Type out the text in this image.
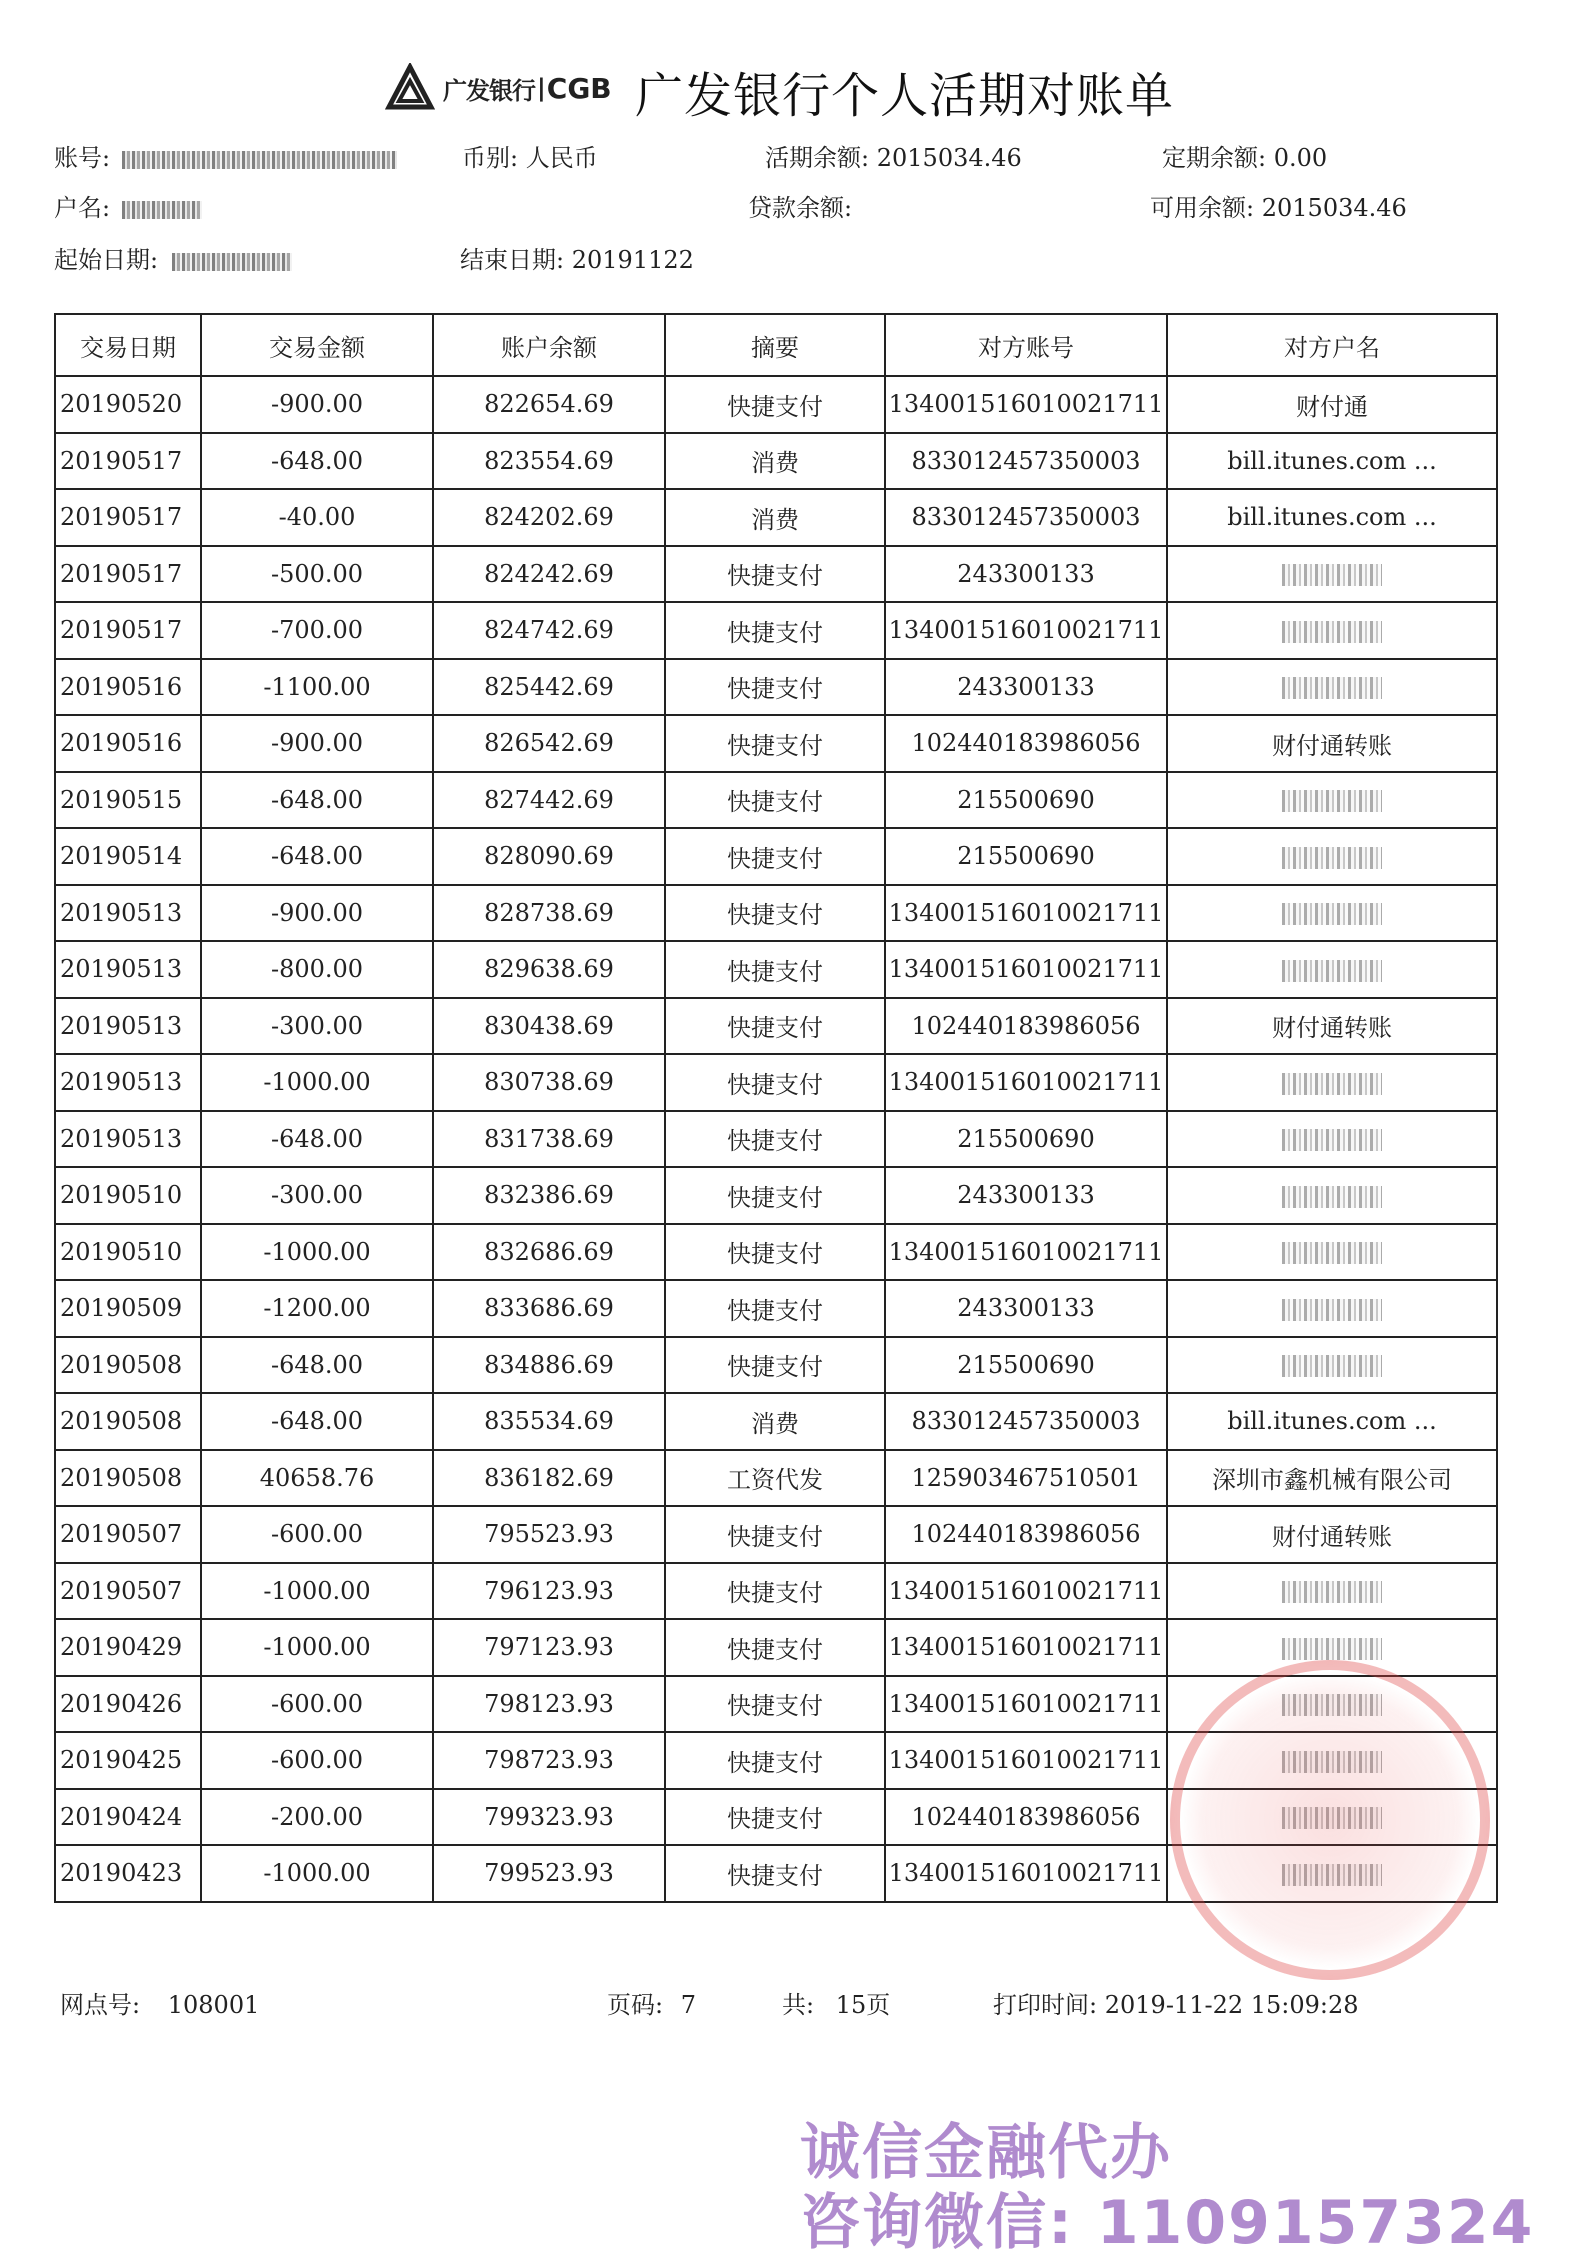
广发银行 | CGB 广发银行个人活期对账单
账号:	币别: 人民币	活期余额: 2015034.46	定期余额: 0.00
户名:	贷款余额:	可用余额: 2015034.46
起始日期:	结束日期: 20191122
交易日期	交易金额	账户余额	摘要	对方账号	对方户名
20190520	-900.00	822654.69	快捷支付	134001516010021711	财付通
20190517	-648.00	823554.69	消费	833012457350003	bill.itunes.com ...
20190517	-40.00	824202.69	消费	833012457350003	bill.itunes.com ...
20190517	-500.00	824242.69	快捷支付	243300133	
20190517	-700.00	824742.69	快捷支付	134001516010021711	
20190516	-1100.00	825442.69	快捷支付	243300133	
20190516	-900.00	826542.69	快捷支付	102440183986056	财付通转账
20190515	-648.00	827442.69	快捷支付	215500690	
20190514	-648.00	828090.69	快捷支付	215500690	
20190513	-900.00	828738.69	快捷支付	134001516010021711	
20190513	-800.00	829638.69	快捷支付	134001516010021711	
20190513	-300.00	830438.69	快捷支付	102440183986056	财付通转账
20190513	-1000.00	830738.69	快捷支付	134001516010021711	
20190513	-648.00	831738.69	快捷支付	215500690	
20190510	-300.00	832386.69	快捷支付	243300133	
20190510	-1000.00	832686.69	快捷支付	134001516010021711	
20190509	-1200.00	833686.69	快捷支付	243300133	
20190508	-648.00	834886.69	快捷支付	215500690	
20190508	-648.00	835534.69	消费	833012457350003	bill.itunes.com ...
20190508	40658.76	836182.69	工资代发	125903467510501	深圳市鑫机械有限公司
20190507	-600.00	795523.93	快捷支付	102440183986056	财付通转账
20190507	-1000.00	796123.93	快捷支付	134001516010021711	
20190429	-1000.00	797123.93	快捷支付	134001516010021711	
20190426	-600.00	798123.93	快捷支付	134001516010021711	
20190425	-600.00	798723.93	快捷支付	134001516010021711	
20190424	-200.00	799323.93	快捷支付	102440183986056	
20190423	-1000.00	799523.93	快捷支付	134001516010021711	
网点号: 108001	页码: 7	共: 15页	打印时间: 2019-11-22 15:09:28
诚信金融代办
咨询微信: 1109157324
